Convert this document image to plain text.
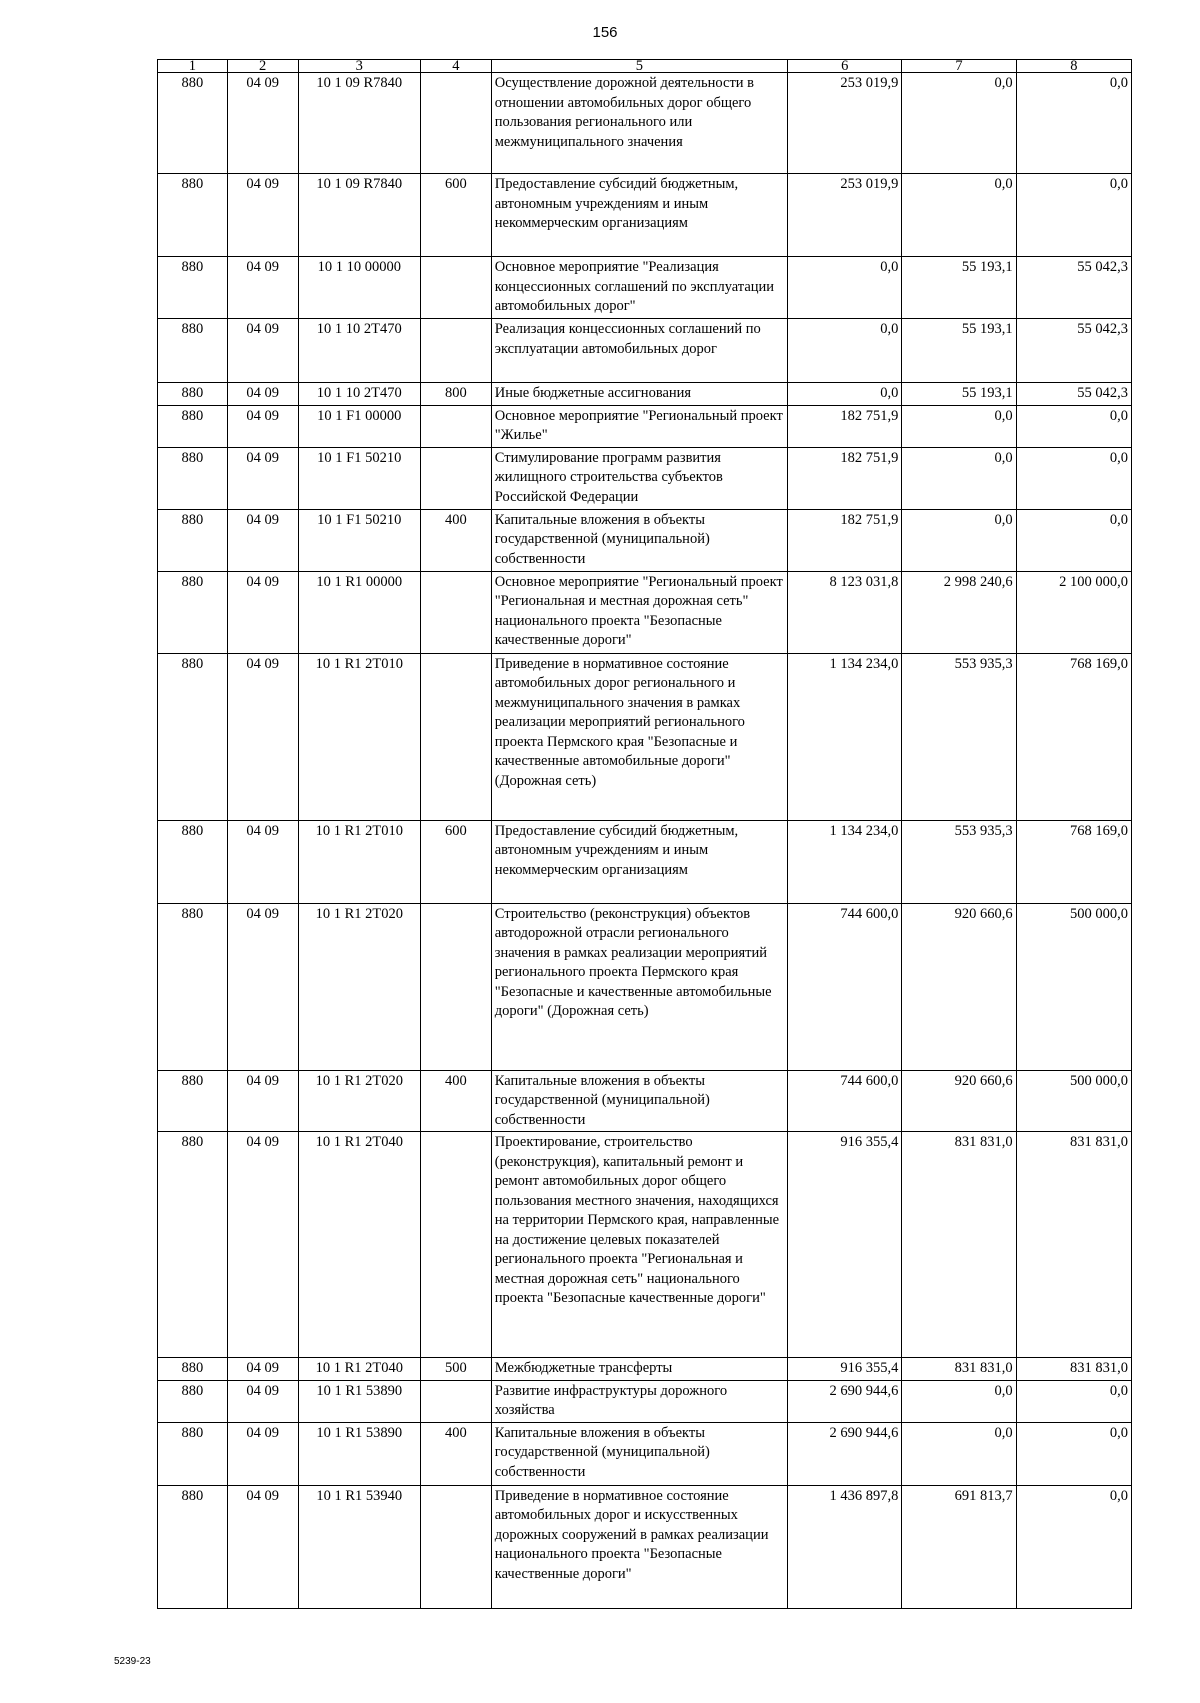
156
1	2	3	4	5	6	7	8
880	04 09	10 1 09 R7840		Осуществление дорожной деятельности в отношении автомобильных дорог общего пользования регионального или межмуниципального значения	253 019,9	0,0	0,0
880	04 09	10 1 09 R7840	600	Предоставление субсидий бюджетным, автономным учреждениям и иным некоммерческим организациям	253 019,9	0,0	0,0
880	04 09	10 1 10 00000		Основное мероприятие "Реализация концессионных соглашений по эксплуатации автомобильных дорог"	0,0	55 193,1	55 042,3
880	04 09	10 1 10 2Т470		Реализация концессионных соглашений по эксплуатации автомобильных дорог	0,0	55 193,1	55 042,3
880	04 09	10 1 10 2Т470	800	Иные бюджетные ассигнования	0,0	55 193,1	55 042,3
880	04 09	10 1 F1 00000		Основное мероприятие "Региональный проект "Жилье"	182 751,9	0,0	0,0
880	04 09	10 1 F1 50210		Стимулирование программ развития жилищного строительства субъектов Российской Федерации	182 751,9	0,0	0,0
880	04 09	10 1 F1 50210	400	Капитальные вложения в объекты государственной (муниципальной) собственности	182 751,9	0,0	0,0
880	04 09	10 1 R1 00000		Основное мероприятие "Региональный проект "Региональная и местная дорожная сеть" национального проекта "Безопасные качественные дороги"	8 123 031,8	2 998 240,6	2 100 000,0
880	04 09	10 1 R1 2Т010		Приведение в нормативное состояние автомобильных дорог регионального и межмуниципального значения в рамках реализации мероприятий регионального проекта Пермского края "Безопасные и качественные автомобильные дороги" (Дорожная сеть)	1 134 234,0	553 935,3	768 169,0
880	04 09	10 1 R1 2Т010	600	Предоставление субсидий бюджетным, автономным учреждениям и иным некоммерческим организациям	1 134 234,0	553 935,3	768 169,0
880	04 09	10 1 R1 2Т020		Строительство (реконструкция) объектов автодорожной отрасли регионального значения в рамках реализации мероприятий регионального проекта Пермского края "Безопасные и качественные автомобильные дороги" (Дорожная сеть)	744 600,0	920 660,6	500 000,0
880	04 09	10 1 R1 2Т020	400	Капитальные вложения в объекты государственной (муниципальной) собственности	744 600,0	920 660,6	500 000,0
880	04 09	10 1 R1 2Т040		Проектирование, строительство (реконструкция), капитальный ремонт и ремонт автомобильных дорог общего пользования местного значения, находящихся на территории Пермского края, направленные на достижение целевых показателей регионального проекта "Региональная и местная дорожная сеть" национального проекта "Безопасные качественные дороги"	916 355,4	831 831,0	831 831,0
880	04 09	10 1 R1 2Т040	500	Межбюджетные трансферты	916 355,4	831 831,0	831 831,0
880	04 09	10 1 R1 53890		Развитие инфраструктуры дорожного хозяйства	2 690 944,6	0,0	0,0
880	04 09	10 1 R1 53890	400	Капитальные вложения в объекты государственной (муниципальной) собственности	2 690 944,6	0,0	0,0
880	04 09	10 1 R1 53940		Приведение в нормативное состояние автомобильных дорог и искусственных дорожных сооружений в рамках реализации национального проекта "Безопасные качественные дороги"	1 436 897,8	691 813,7	0,0
5239-23
